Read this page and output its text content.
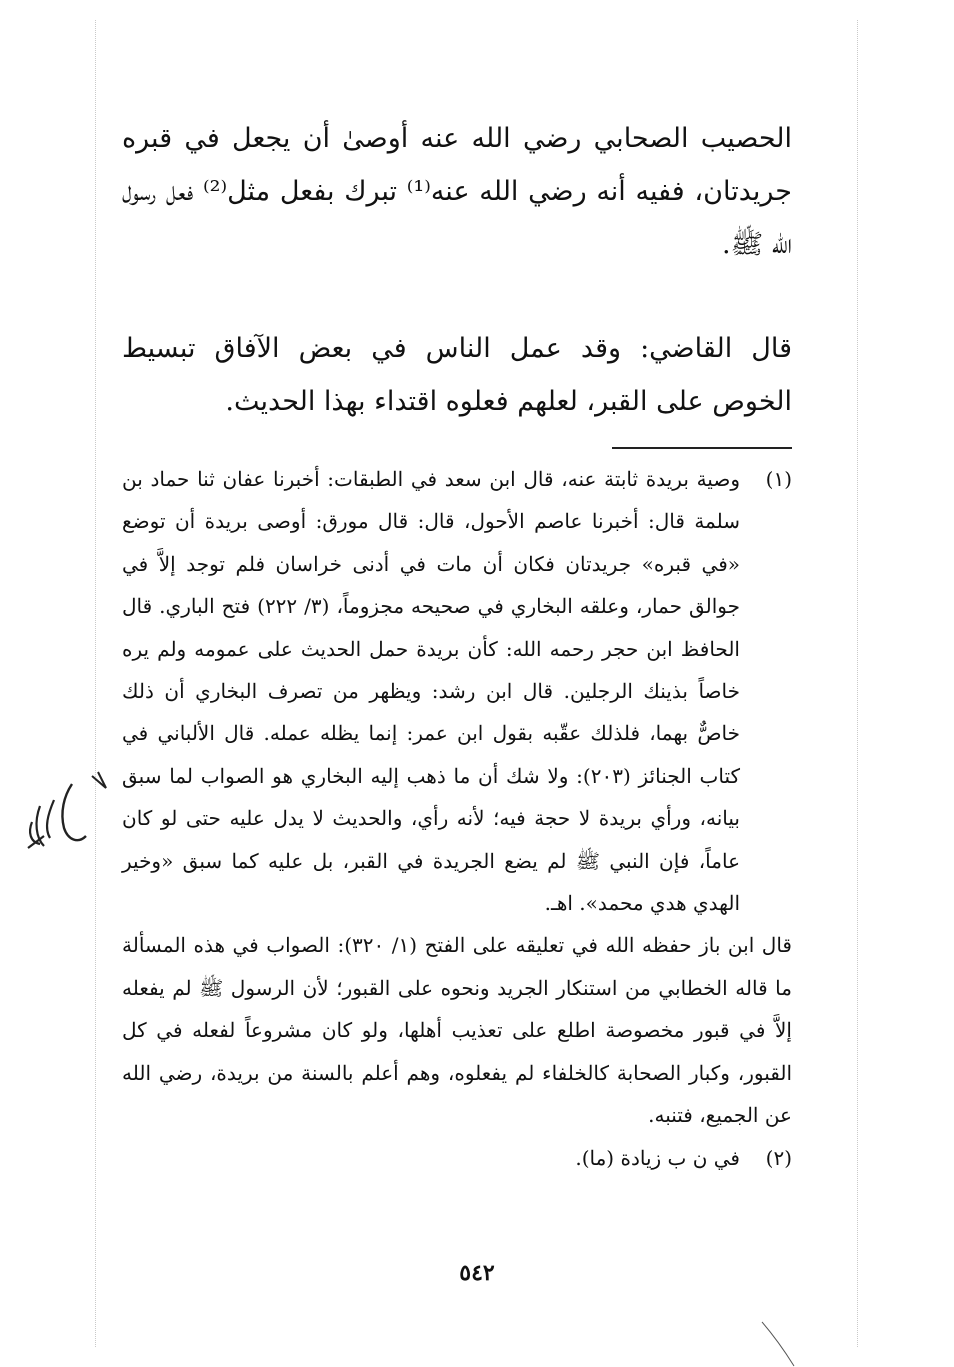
الحصيب الصحابي رضي الله عنه أوصىٰ أن يجعل في قبره جريدتان، ففيه أنه رضي الله عنه⁽¹⁾ تبرك بفعل مثل⁽²⁾ فعل رسول الله ﷺ.

قال القاضي: وقد عمل الناس في بعض الآفاق تبسيط الخوص على القبر، لعلهم فعلوه اقتداء بهذا الحديث.

(١)

وصية بريدة ثابتة عنه، قال ابن سعد في الطبقات: أخبرنا عفان ثنا حماد بن سلمة قال: أخبرنا عاصم الأحول، قال: قال مورق: أوصى بريدة أن توضع «في قبره» جريدتان فكان أن مات في أدنى خراسان فلم توجد إلاَّ في جوالق حمار، وعلقه البخاري في صحيحه مجزوماً، (٣/ ٢٢٢) فتح الباري. قال الحافظ ابن حجر رحمه الله: كأن بريدة حمل الحديث على عمومه ولم يره خاصاً بذينك الرجلين. قال ابن رشد: ويظهر من تصرف البخاري أن ذلك خاصٌّ بهما، فلذلك عقّبه بقول ابن عمر: إنما يظله عمله. قال الألباني في كتاب الجنائز (٢٠٣): ولا شك أن ما ذهب إليه البخاري هو الصواب لما سبق بيانه، ورأي بريدة لا حجة فيه؛ لأنه رأي، والحديث لا يدل عليه حتى لو كان عاماً، فإن النبي ﷺ لم يضع الجريدة في القبر، بل عليه كما سبق «وخير الهدي هدي محمد». اهـ.

قال ابن باز حفظه الله في تعليقه على الفتح (١/ ٣٢٠): الصواب في هذه المسألة ما قاله الخطابي من استنكار الجريد ونحوه على القبور؛ لأن الرسول ﷺ لم يفعله إلاَّ في قبور مخصوصة اطلع على تعذيب أهلها، ولو كان مشروعاً لفعله في كل القبور، وكبار الصحابة كالخلفاء لم يفعلوه، وهم أعلم بالسنة من بريدة، رضي الله عن الجميع، فتنبه.

(٢)

في ن ب زيادة (ما).

٥٤٢
